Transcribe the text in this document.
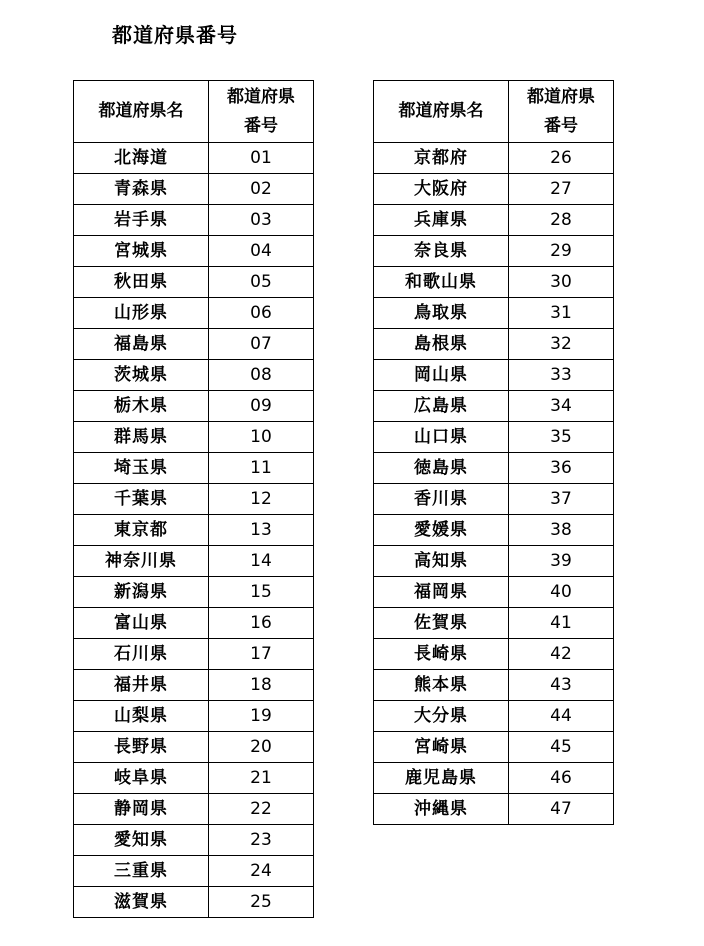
都道府県番号
都道府県名	都道府県番号
北海道	01
青森県	02
岩手県	03
宮城県	04
秋田県	05
山形県	06
福島県	07
茨城県	08
栃木県	09
群馬県	10
埼玉県	11
千葉県	12
東京都	13
神奈川県	14
新潟県	15
富山県	16
石川県	17
福井県	18
山梨県	19
長野県	20
岐阜県	21
静岡県	22
愛知県	23
三重県	24
滋賀県	25
都道府県名	都道府県番号
京都府	26
大阪府	27
兵庫県	28
奈良県	29
和歌山県	30
鳥取県	31
島根県	32
岡山県	33
広島県	34
山口県	35
徳島県	36
香川県	37
愛媛県	38
高知県	39
福岡県	40
佐賀県	41
長崎県	42
熊本県	43
大分県	44
宮崎県	45
鹿児島県	46
沖縄県	47
